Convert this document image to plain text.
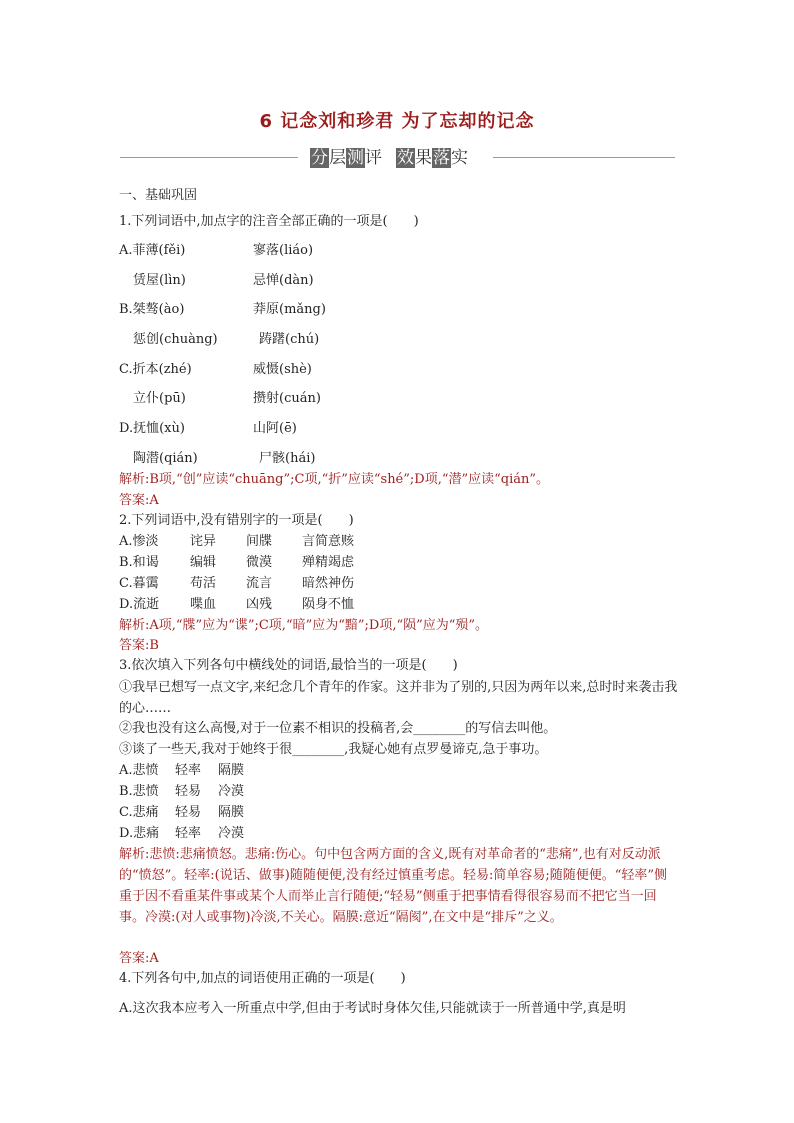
6 记念刘和珍君 为了忘却的记念
分层测评 效果落实
一、基础巩固
1.下列词语中,加点字的注音全部正确的一项是(　　)
A.菲薄(fěi)	寥落(liáo)
赁屋(lìn)	忌惮(dàn)
B.桀骜(ào)	莽原(mǎng)
惩创(chuàng)	踌躇(chú)
C.折本(zhé)	威慑(shè)
立仆(pū)	攒射(cuán)
D.抚恤(xù)	山阿(ē)
陶潜(qián)	尸骸(hái)
解析:B项,“创”应读“chuāng”;C项,“折”应读“shé”;D项,“潜”应读“qián”。
答案:A
2.下列词语中,没有错别字的一项是(　　)
A.惨淡 诧异 间牒 言简意赅
B.和谒 编辑 微漠 殚精竭虑
C.暮霭 苟活 流言 暗然神伤
D.流逝 喋血 凶残 陨身不恤
解析:A项,“牒”应为“谍”;C项,“暗”应为“黯”;D项,“陨”应为“殒”。
答案:B
3.依次填入下列各句中横线处的词语,最恰当的一项是(　　)
①我早已想写一点文字,来纪念几个青年的作家。这并非为了别的,只因为两年以来,总时时来袭击我的心……
②我也没有这么高慢,对于一位素不相识的投稿者,会________的写信去叫他。
③谈了一些天,我对于她终于很________,我疑心她有点罗曼谛克,急于事功。
A.悲愤 轻率 隔膜
B.悲愤 轻易 冷漠
C.悲痛 轻易 隔膜
D.悲痛 轻率 冷漠
解析:悲愤:悲痛愤怒。悲痛:伤心。句中包含两方面的含义,既有对革命者的“悲痛”,也有对反动派的“愤怒”。轻率:(说话、做事)随随便便,没有经过慎重考虑。轻易:简单容易;随随便便。“轻率”侧重于因不看重某件事或某个人而举止言行随便;“轻易”侧重于把事情看得很容易而不把它当一回事。冷漠:(对人或事物)冷淡,不关心。隔膜:意近“隔阂”,在文中是“排斥”之义。
答案:A
4.下列各句中,加点的词语使用正确的一项是(　　)
A.这次我本应考入一所重点中学,但由于考试时身体欠佳,只能就读于一所普通中学,真是明
